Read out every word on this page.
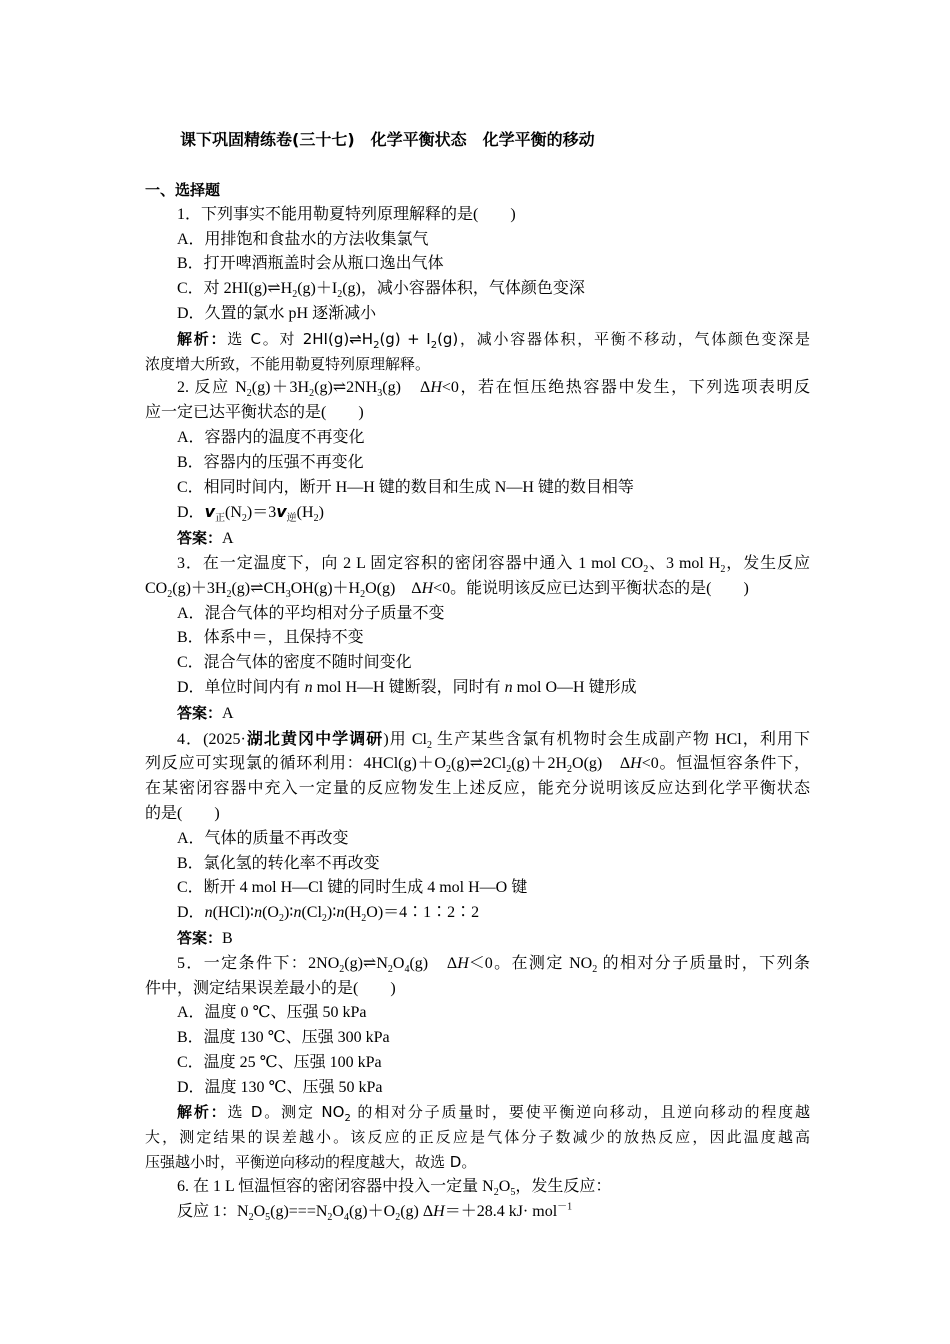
课下巩固精练卷(三十七)　化学平衡状态　化学平衡的移动
一、选择题
1．下列事实不能用勒夏特列原理解释的是(　　)
A．用排饱和食盐水的方法收集氯气
B．打开啤酒瓶盖时会从瓶口逸出气体
C．对 $2HI(g)\rightleftharpoons H_2(g)+I_2(g)$，减小容器体积，气体颜色变深
D．久置的氯水 pH 逐渐减小
解析：选 C。对 $2HI(g)\rightleftharpoons H_2(g) + I_2(g)$，减小容器体积，平衡不移动，气体颜色变深是
浓度增大所致，不能用勒夏特列原理解释。
2. 反应 $N_2(g)+3H_2(g)\rightleftharpoons 2NH_3(g)$　ΔH<0，若在恒压绝热容器中发生，下列选项表明反
应一定已达平衡状态的是(　　)
A．容器内的温度不再变化
B．容器内的压强不再变化
C．相同时间内，断开 H—H 键的数目和生成 N—H 键的数目相等
D．$v_正(N_2)=3v_逆(H_2)$
答案：A
3．在一定温度下，向 2 L 固定容积的密闭容器中通入 1 mol $CO_2$、3 mol $H_2$，发生反应
$CO_2(g)+3H_2(g)\rightleftharpoons CH_3OH(g)+H_2O(g)$　ΔH<0。能说明该反应已达到平衡状态的是(　　)
A．混合气体的平均相对分子质量不变
B．体系中＝，且保持不变
C．混合气体的密度不随时间变化
D．单位时间内有 n mol H—H 键断裂，同时有 n mol O—H 键形成
答案：A
4．(2025·湖北黄冈中学调研)用 $Cl_2$ 生产某些含氯有机物时会生成副产物 HCl，利用下
列反应可实现氯的循环利用：$4HCl(g)+O_2(g)\rightleftharpoons 2Cl_2(g)+2H_2O(g)$　ΔH<0。恒温恒容条件下，
在某密闭容器中充入一定量的反应物发生上述反应，能充分说明该反应达到化学平衡状态
的是(　　)
A．气体的质量不再改变
B．氯化氢的转化率不再改变
C．断开 4 mol H—Cl 键的同时生成 4 mol H—O 键
D．$n(HCl)∶n(O_2)∶n(Cl_2)∶n(H_2O)=4∶1∶2∶2$
答案：B
5．一定条件下：$2NO_2(g)\rightleftharpoons N_2O_4(g)$　ΔH＜0。在测定 $NO_2$ 的相对分子质量时，下列条
件中，测定结果误差最小的是(　　)
A．温度 0 ℃、压强 50 kPa
B．温度 130 ℃、压强 300 kPa
C．温度 25 ℃、压强 100 kPa
D．温度 130 ℃、压强 50 kPa
解析：选 D。测定 $NO_2$ 的相对分子质量时，要使平衡逆向移动，且逆向移动的程度越
大，测定结果的误差越小。该反应的正反应是气体分子数减少的放热反应，因此温度越高
压强越小时，平衡逆向移动的程度越大，故选 D。
6. 在 1 L 恒温恒容的密闭容器中投入一定量 $N_2O_5$，发生反应：
反应 1：$N_2O_5(g)===N_2O_4(g)+O_2(g)$ ΔH＝＋28.4 kJ· mol$^{-1}$
